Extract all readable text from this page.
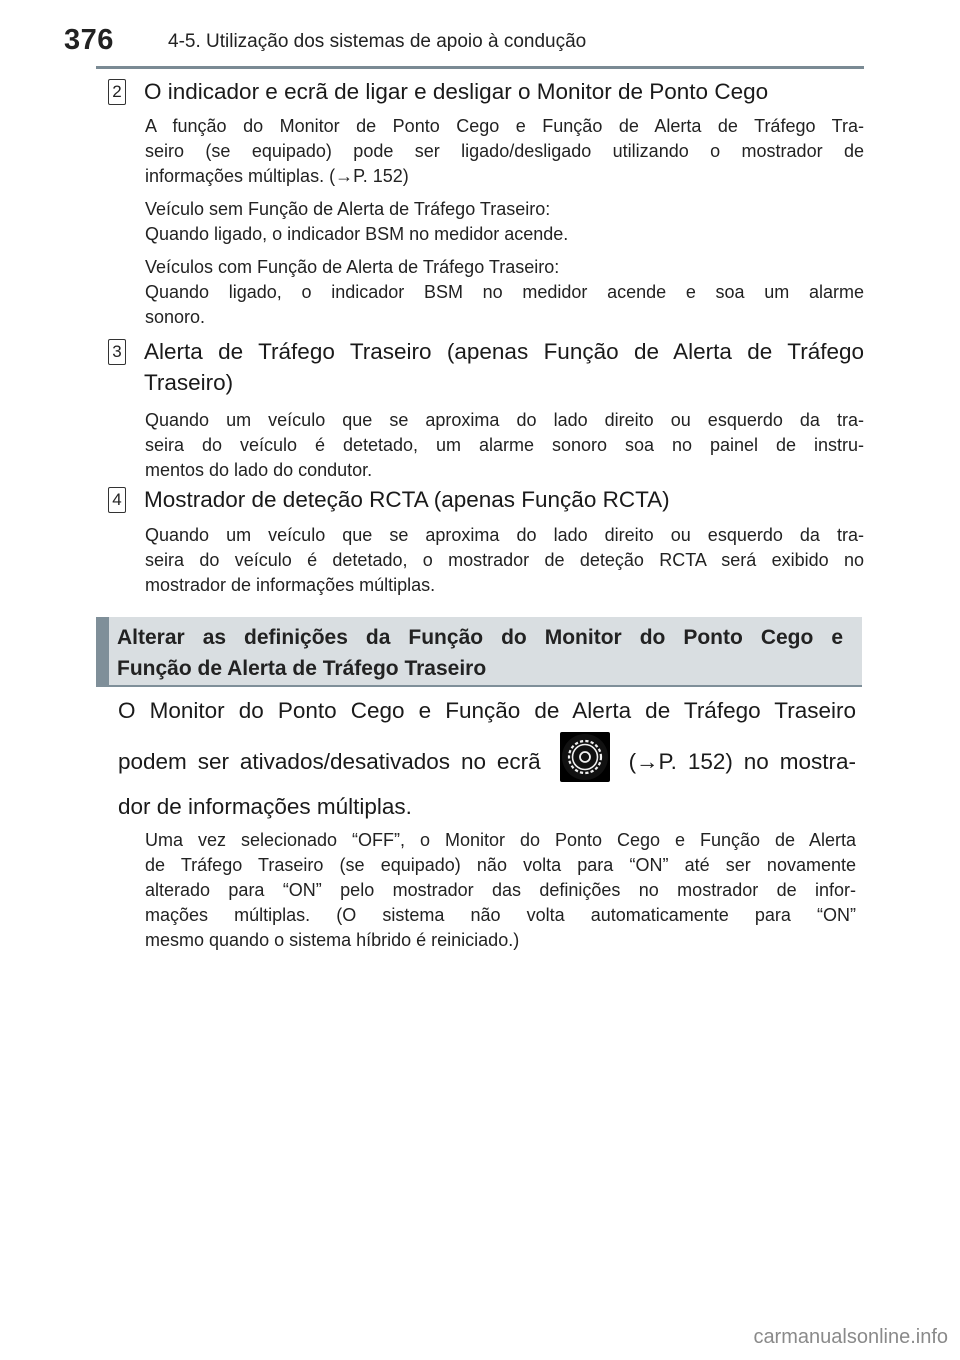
376	4-5. Utilização dos sistemas de apoio à condução
2 O indicador e ecrã de ligar e desligar o Monitor de Ponto Cego
A função do Monitor de Ponto Cego e Função de Alerta de Tráfego Tra-
seiro (se equipado) pode ser ligado/desligado utilizando o mostrador de
informações múltiplas. (→P. 152)
Veículo sem Função de Alerta de Tráfego Traseiro:
Quando ligado, o indicador BSM no medidor acende.
Veículos com Função de Alerta de Tráfego Traseiro:
Quando ligado, o indicador BSM no medidor acende e soa um alarme
sonoro.
3 Alerta de Tráfego Traseiro (apenas Função de Alerta de Tráfego
Traseiro)
Quando um veículo que se aproxima do lado direito ou esquerdo da tra-
seira do veículo é detetado, um alarme sonoro soa no painel de instru-
mentos do lado do condutor.
4 Mostrador de deteção RCTA (apenas Função RCTA)
Quando um veículo que se aproxima do lado direito ou esquerdo da tra-
seira do veículo é detetado, o mostrador de deteção RCTA será exibido no
mostrador de informações múltiplas.
Alterar as definições da Função do Monitor do Ponto Cego e
Função de Alerta de Tráfego Traseiro
O Monitor do Ponto Cego e Função de Alerta de Tráfego Traseiro
podem ser ativados/desativados no ecrã	(→P. 152) no mostra-
dor de informações múltiplas.
Uma vez selecionado “OFF”, o Monitor do Ponto Cego e Função de Alerta
de Tráfego Traseiro (se equipado) não volta para “ON” até ser novamente
alterado para “ON” pelo mostrador das definições no mostrador de infor-
mações múltiplas. (O sistema não volta automaticamente para “ON”
mesmo quando o sistema híbrido é reiniciado.)
carmanualsonline.info
